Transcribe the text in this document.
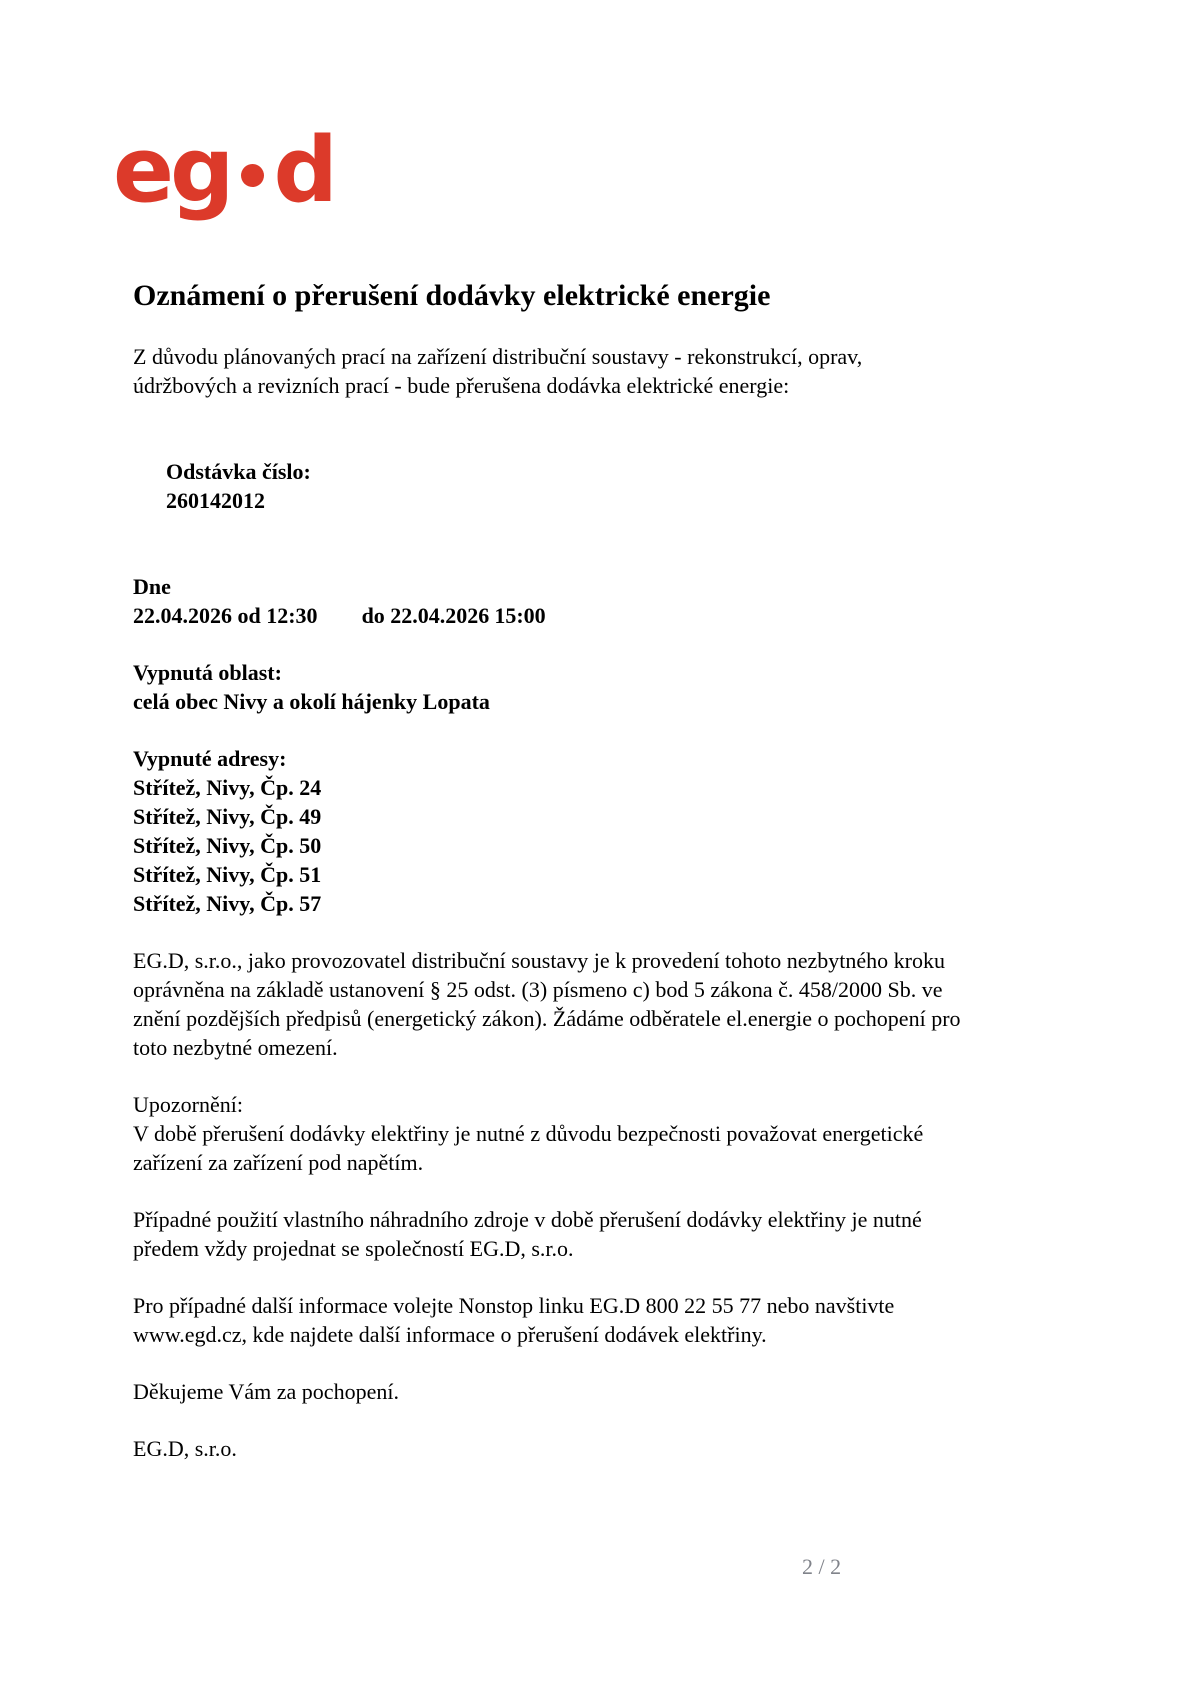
eg d
Oznámení o přerušení dodávky elektrické energie
Z důvodu plánovaných prací na zařízení distribuční soustavy - rekonstrukcí, oprav,
údržbových a revizních prací - bude přerušena dodávka elektrické energie:

Odstávka číslo:
260142012

Dne
22.04.2026 od 12:30 do 22.04.2026 15:00
Vypnutá oblast:
celá obec Nivy a okolí hájenky Lopata
Vypnuté adresy:
Střítež, Nivy, Čp. 24
Střítež, Nivy, Čp. 49
Střítež, Nivy, Čp. 50
Střítež, Nivy, Čp. 51
Střítež, Nivy, Čp. 57
EG.D, s.r.o., jako provozovatel distribuční soustavy je k provedení tohoto nezbytného kroku
oprávněna na základě ustanovení § 25 odst. (3) písmeno c) bod 5 zákona č. 458/2000 Sb. ve
znění pozdějších předpisů (energetický zákon). Žádáme odběratele el.energie o pochopení pro
toto nezbytné omezení.
Upozornění:
V době přerušení dodávky elektřiny je nutné z důvodu bezpečnosti považovat energetické
zařízení za zařízení pod napětím.
Případné použití vlastního náhradního zdroje v době přerušení dodávky elektřiny je nutné
předem vždy projednat se společností EG.D, s.r.o.
Pro případné další informace volejte Nonstop linku EG.D 800 22 55 77 nebo navštivte
www.egd.cz, kde najdete další informace o přerušení dodávek elektřiny.
Děkujeme Vám za pochopení.
EG.D, s.r.o.
2 / 2
